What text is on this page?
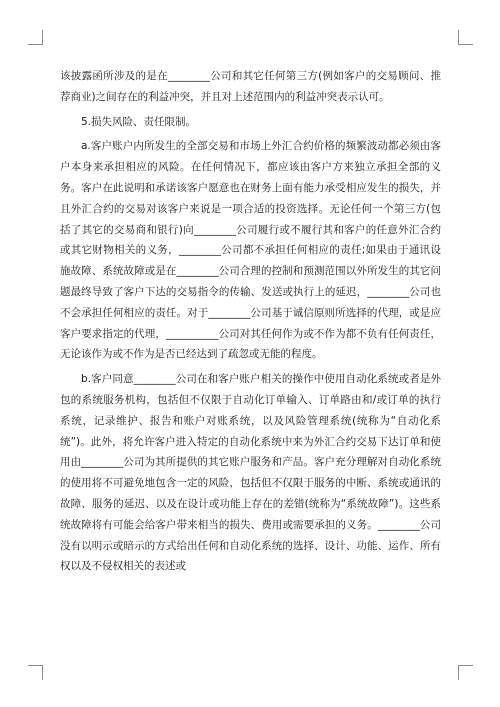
该披露函所涉及的是在________公司和其它任何第三方(例如客户的交易顾问、推荐商业)之间存在的利益冲突，并且对上述范围内的利益冲突表示认可。

5.损失风险、责任限制。

a.客户账户内所发生的全部交易和市场上外汇合约价格的频繁波动都必须由客户本身来承担相应的风险。在任何情况下，都应该由客户方来独立承担全部的义务。客户在此说明和承诺该客户愿意也在财务上面有能力承受相应发生的损失，并且外汇合约的交易对该客户来说是一项合适的投资选择。无论任何一个第三方(包括了其它的交易商和银行)向________公司履行或不履行其和客户的任意外汇合约或其它财物相关的义务，________公司都不承担任何相应的责任;如果由于通讯设施故障、系统故障或是在________公司合理的控制和预测范围以外所发生的其它问题最终导致了客户下达的交易指令的传输、发送或执行上的延迟，________公司也不会承担任何相应的责任。对于________公司基于诚信原则所选择的代理，或是应客户要求指定的代理，__________公司对其任何作为或不作为都不负有任何责任，无论该作为或不作为是否已经达到了疏忽或无能的程度。

b.客户同意________公司在和客户账户相关的操作中使用自动化系统或者是外包的系统服务机构，包括但不仅限于自动化订单输入、订单路由和/或订单的执行系统，记录维护、报告和账户对账系统，以及风险管理系统(统称为“自动化系统”)。此外，将允许客户进入特定的自动化系统中来为外汇合约交易下达订单和使用由________公司为其所提供的其它账户服务和产品。客户充分理解对自动化系统的使用将不可避免地包含一定的风险，包括但不仅限于服务的中断、系统或通讯的故障、服务的延迟、以及在设计或功能上存在的差错(统称为“系统故障”)。这些系统故障将有可能会给客户带来相当的损失、费用或需要承担的义务。________公司没有以明示或暗示的方式给出任何和自动化系统的选择、设计、功能、运作、所有权以及不侵权相关的表述或
